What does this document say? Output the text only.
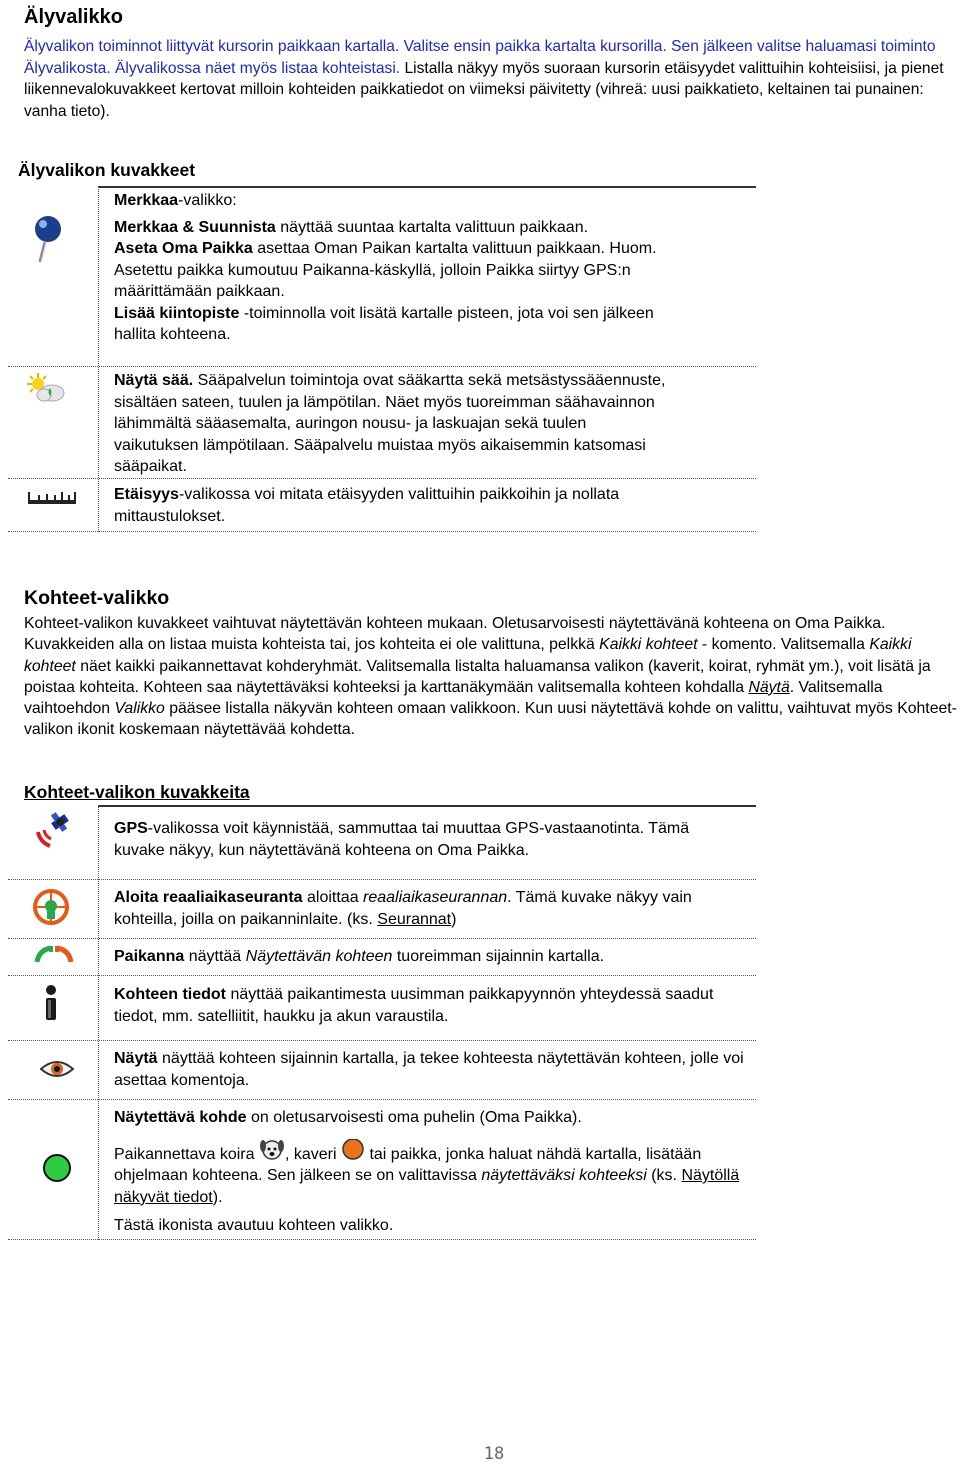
Älyvalikko

Älyvalikon toiminnot liittyvät kursorin paikkaan kartalla. Valitse ensin paikka kartalta kursorilla. Sen jälkeen valitse haluamasi toiminto Älyvalikosta. Älyvalikossa näet myös listaa kohteistasi. Listalla näkyy myös suoraan kursorin etäisyydet valittuihin kohteisiisi, ja pienet liikennevalokuvakkeet kertovat milloin kohteiden paikkatiedot on viimeksi päivitetty (vihreä: uusi paikkatieto, keltainen tai punainen: vanha tieto).

Älyvalikon kuvakkeet
Merkkaa-valikko:
Merkkaa & Suunnista näyttää suuntaa kartalta valittuun paikkaan.
Aseta Oma Paikka asettaa Oman Paikan kartalta valittuun paikkaan. Huom. Asetettu paikka kumoutuu Paikanna-käskyllä, jolloin Paikka siirtyy GPS:n määrittämään paikkaan.
Lisää kiintopiste -toiminnolla voit lisätä kartalle pisteen, jota voi sen jälkeen hallita kohteena.

Näytä sää. Sääpalvelun toimintoja ovat sääkartta sekä metsästyssääennuste, sisältäen sateen, tuulen ja lämpötilan. Näet myös tuoreimman säähavainnon lähimmältä sääasemalta, auringon nousu- ja laskuajan sekä tuulen vaikutuksen lämpötilaan. Sääpalvelu muistaa myös aikaisemmin katsomasi sääpaikat.

Etäisyys-valikossa voi mitata etäisyyden valittuihin paikkoihin ja nollata mittaustulokset.

Kohteet-valikko

Kohteet-valikon kuvakkeet vaihtuvat näytettävän kohteen mukaan. Oletusarvoisesti näytettävänä kohteena on Oma Paikka. Kuvakkeiden alla on listaa muista kohteista tai, jos kohteita ei ole valittuna, pelkkä Kaikki kohteet - komento. Valitsemalla Kaikki kohteet näet kaikki paikannettavat kohderyhmät. Valitsemalla listalta haluamansa valikon (kaverit, koirat, ryhmät ym.), voit lisätä ja poistaa kohteita. Kohteen saa näytettäväksi kohteeksi ja karttanäkymään valitsemalla kohteen kohdalla Näytä. Valitsemalla vaihtoehdon Valikko pääsee listalla näkyvän kohteen omaan valikkoon. Kun uusi näytettävä kohde on valittu, vaihtuvat myös Kohteet-valikon ikonit koskemaan näytettävää kohdetta.

Kohteet-valikon kuvakkeita

GPS-valikossa voit käynnistää, sammuttaa tai muuttaa GPS-vastaanotinta. Tämä kuvake näkyy, kun näytettävänä kohteena on Oma Paikka.

Aloita reaaliaikaseuranta aloittaa reaaliaikaseurannan. Tämä kuvake näkyy vain kohteilla, joilla on paikanninlaite. (ks. Seurannat)

Paikanna näyttää Näytettävän kohteen tuoreimman sijainnin kartalla.

Kohteen tiedot näyttää paikantimesta uusimman paikkapyynnön yhteydessä saadut tiedot, mm. satelliitit, haukku ja akun varaustila.

Näytä näyttää kohteen sijainnin kartalla, ja tekee kohteesta näytettävän kohteen, jolle voi asettaa komentoja.

Näytettävä kohde on oletusarvoisesti oma puhelin (Oma Paikka).
Paikannettava koira , kaveri  tai paikka, jonka haluat nähdä kartalla, lisätään ohjelmaan kohteena. Sen jälkeen se on valittavissa näytettäväksi kohteeksi (ks. Näytöllä näkyvät tiedot).
Tästä ikonista avautuu kohteen valikko.

18
